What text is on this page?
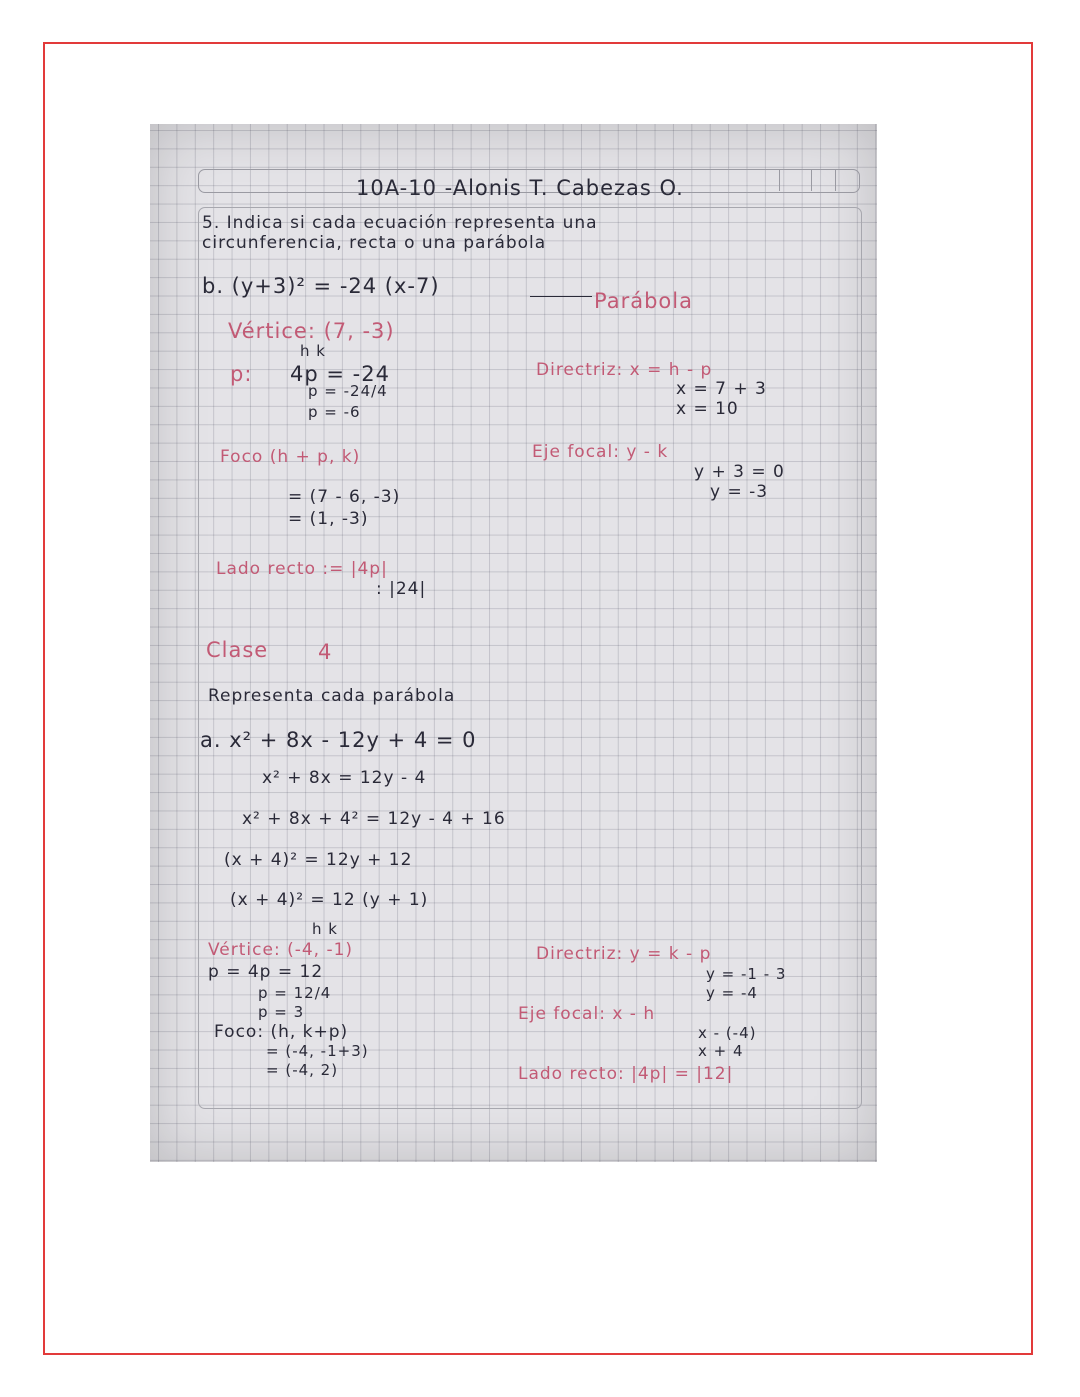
10A-10 -Alonis T. Cabezas O.
5. Indica si cada ecuación representa una
circunferencia, recta o una parábola
b. (y+3)² = -24 (x-7)
Parábola
Vértice: (7, -3)
h k
p: 4p = -24
p = -24/4
p = -6
Foco (h + p, k)
= (7 - 6, -3)
= (1, -3)
Lado recto := |4p|
: |24|
Directriz: x = h - p
x = 7 + 3
x = 10
Eje focal: y - k
y + 3 = 0
y = -3
Clase 4
Representa cada parábola
a. x² + 8x - 12y + 4 = 0
x² + 8x = 12y - 4
x² + 8x + 4² = 12y - 4 + 16
(x + 4)² = 12y + 12
(x + 4)² = 12 (y + 1)
h k
Vértice: (-4, -1)
p = 4p = 12
p = 12/4
p = 3
Foco: (h, k+p)
= (-4, -1+3)
= (-4, 2)
Directriz: y = k - p
y = -1 - 3
y = -4
Eje focal: x - h
x - (-4)
x + 4
Lado recto: |4p| = |12|
